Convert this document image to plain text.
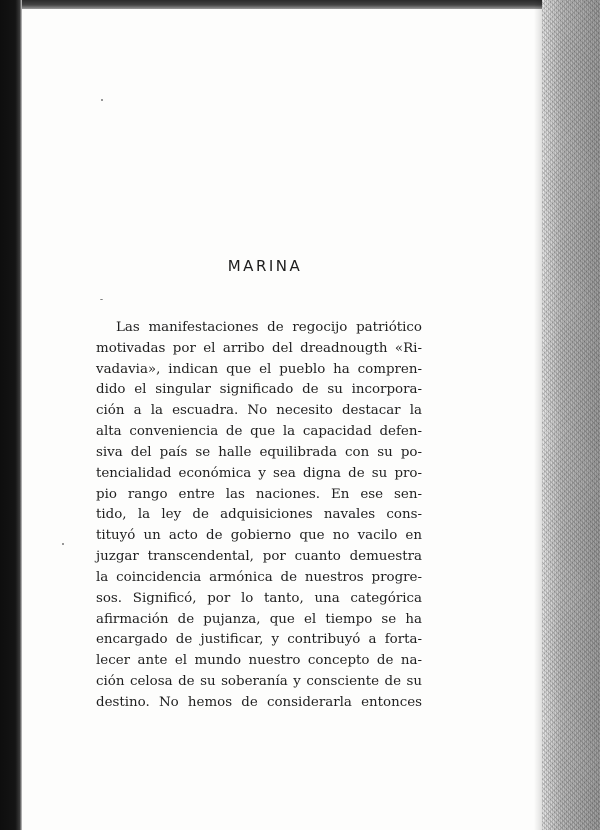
MARINA
Las manifestaciones de regocijo patriótico
motivadas por el arribo del dreadnougth «Ri-
vadavia», indican que el pueblo ha compren-
dido el singular significado de su incorpora-
ción a la escuadra. No necesito destacar la
alta conveniencia de que la capacidad defen-
siva del país se halle equilibrada con su po-
tencialidad económica y sea digna de su pro-
pio rango entre las naciones. En ese sen-
tido, la ley de adquisiciones navales cons-
tituyó un acto de gobierno que no vacilo en
juzgar transcendental, por cuanto demuestra
la coincidencia armónica de nuestros progre-
sos. Significó, por lo tanto, una categórica
afirmación de pujanza, que el tiempo se ha
encargado de justificar, y contribuyó a forta-
lecer ante el mundo nuestro concepto de na-
ción celosa de su soberanía y consciente de su
destino. No hemos de considerarla entonces
